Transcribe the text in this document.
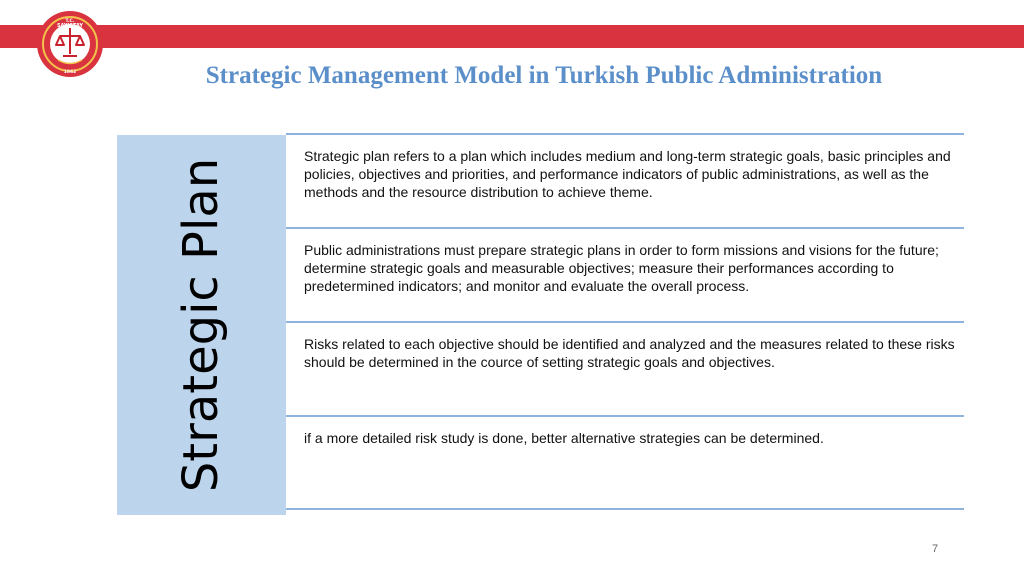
T.C.
SAYIŞTAY
1862	Strategic Management Model in Turkish Public Administration
Strategic Plan
Strategic plan refers to a plan which includes medium and long-term strategic goals, basic principles and policies, objectives and priorities, and performance indicators of public administrations, as well as the methods and the resource distribution to achieve theme.
Public administrations must prepare strategic plans in order to form missions and visions for the future; determine strategic goals and measurable objectives; measure their performances according to predetermined indicators; and monitor and evaluate the overall process.
Risks related to each objective should be identified and analyzed and the measures related to these risks should be determined in the cource of setting strategic goals and objectives.
if a more detailed risk study is done, better alternative strategies can be determined.
7
